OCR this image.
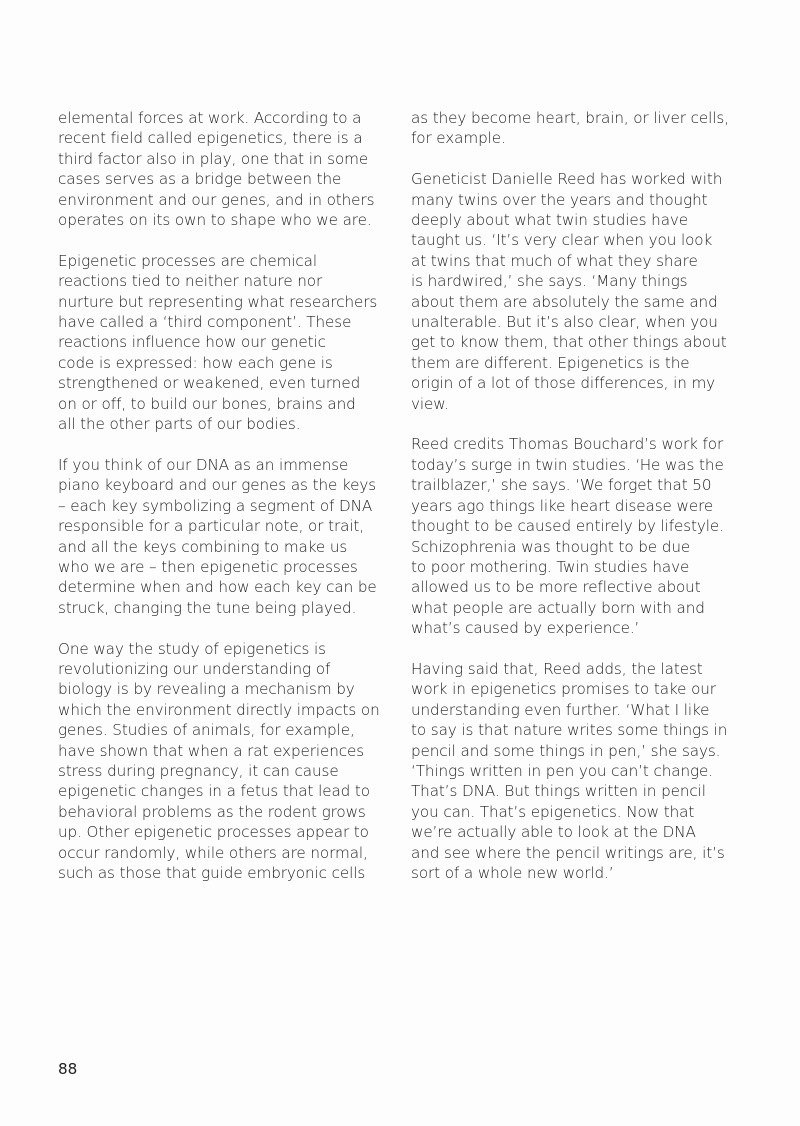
elemental forces at work. According to a
recent field called epigenetics, there is a
third factor also in play, one that in some
cases serves as a bridge between the
environment and our genes, and in others
operates on its own to shape who we are.

Epigenetic processes are chemical
reactions tied to neither nature nor
nurture but representing what researchers
have called a ‘third component’. These
reactions influence how our genetic
code is expressed: how each gene is
strengthened or weakened, even turned
on or off, to build our bones, brains and
all the other parts of our bodies.

If you think of our DNA as an immense
piano keyboard and our genes as the keys
– each key symbolizing a segment of DNA
responsible for a particular note, or trait,
and all the keys combining to make us
who we are – then epigenetic processes
determine when and how each key can be
struck, changing the tune being played.

One way the study of epigenetics is
revolutionizing our understanding of
biology is by revealing a mechanism by
which the environment directly impacts on
genes. Studies of animals, for example,
have shown that when a rat experiences
stress during pregnancy, it can cause
epigenetic changes in a fetus that lead to
behavioral problems as the rodent grows
up. Other epigenetic processes appear to
occur randomly, while others are normal,
such as those that guide embryonic cells

as they become heart, brain, or liver cells,
for example.

Geneticist Danielle Reed has worked with
many twins over the years and thought
deeply about what twin studies have
taught us. ‘It’s very clear when you look
at twins that much of what they share
is hardwired,’ she says. ‘Many things
about them are absolutely the same and
unalterable. But it’s also clear, when you
get to know them, that other things about
them are different. Epigenetics is the
origin of a lot of those differences, in my
view.

Reed credits Thomas Bouchard’s work for
today’s surge in twin studies. ‘He was the
trailblazer,’ she says. ‘We forget that 50
years ago things like heart disease were
thought to be caused entirely by lifestyle.
Schizophrenia was thought to be due
to poor mothering. Twin studies have
allowed us to be more reflective about
what people are actually born with and
what’s caused by experience.’

Having said that, Reed adds, the latest
work in epigenetics promises to take our
understanding even further. ‘What I like
to say is that nature writes some things in
pencil and some things in pen,’ she says.
‘Things written in pen you can’t change.
That’s DNA. But things written in pencil
you can. That’s epigenetics. Now that
we’re actually able to look at the DNA
and see where the pencil writings are, it’s
sort of a whole new world.’

88
